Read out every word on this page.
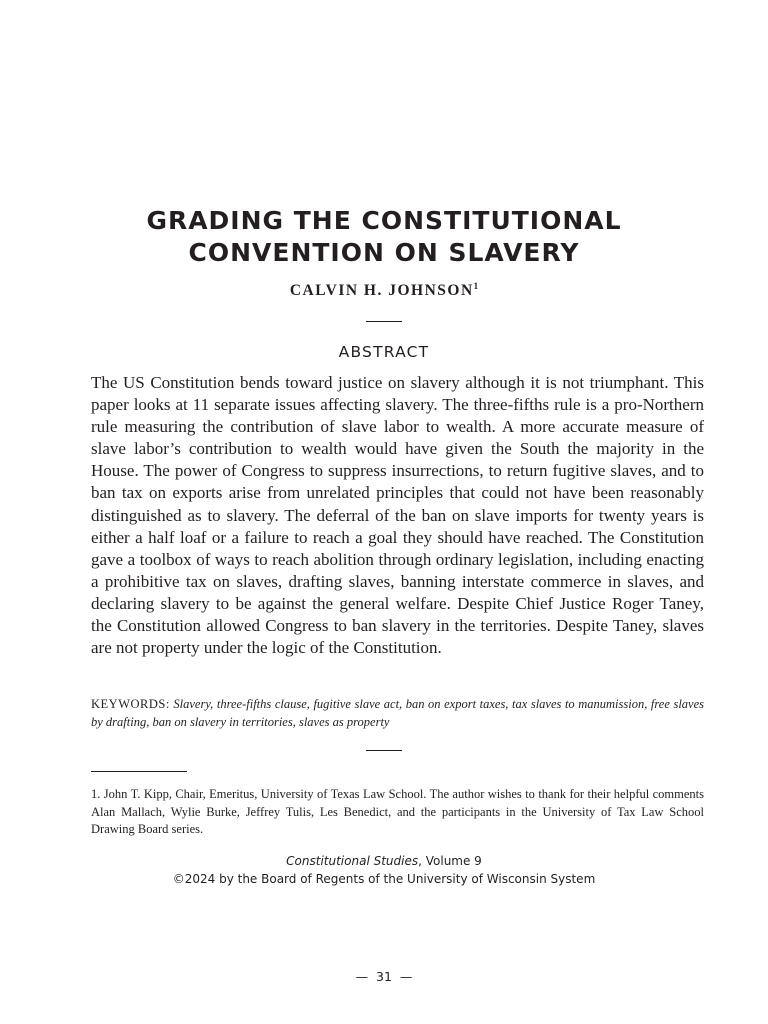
GRADING THE CONSTITUTIONAL
CONVENTION ON SLAVERY
CALVIN H. JOHNSON$^1$
ABSTRACT

The US Constitution bends toward justice on slavery although it is not triumphant. This paper looks at 11 separate issues affecting slavery. The three-fifths rule is a pro-Northern rule measuring the contribution of slave labor to wealth. A more accurate measure of slave labor’s contribution to wealth would have given the South the majority in the House. The power of Congress to suppress insurrections, to return fugitive slaves, and to ban tax on exports arise from unrelated principles that could not have been reasonably distinguished as to slavery. The deferral of the ban on slave imports for twenty years is either a half loaf or a failure to reach a goal they should have reached. The Constitution gave a toolbox of ways to reach abolition through ordinary legislation, including enacting a prohibitive tax on slaves, drafting slaves, banning interstate commerce in slaves, and declaring slavery to be against the general welfare. Despite Chief Justice Roger Taney, the Constitution allowed Congress to ban slavery in the territories. Despite Taney, slaves are not property under the logic of the Constitution.

KEYWORDS: Slavery, three-fifths clause, fugitive slave act, ban on export taxes, tax slaves to manumission, free slaves by drafting, ban on slavery in territories, slaves as property

1. John T. Kipp, Chair, Emeritus, University of Texas Law School. The author wishes to thank for their helpful comments Alan Mallach, Wylie Burke, Jeffrey Tulis, Les Benedict, and the participants in the University of Tax Law School Drawing Board series.

Constitutional Studies, Volume 9
©2024 by the Board of Regents of the University of Wisconsin System
— 31 —
